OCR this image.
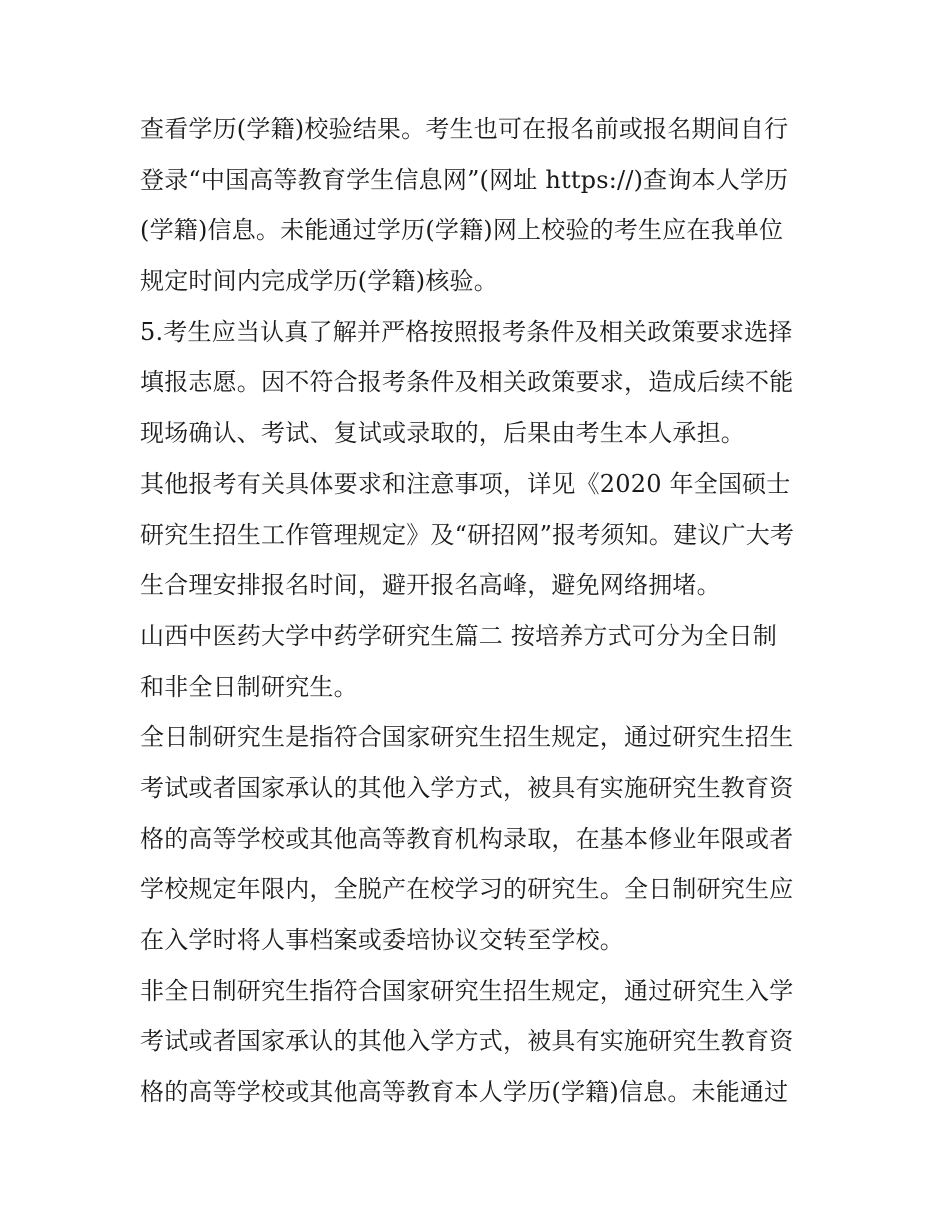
查看学历(学籍)校验结果。考生也可在报名前或报名期间自行
登录“中国高等教育学生信息网”(网址 https://)查询本人学历
(学籍)信息。未能通过学历(学籍)网上校验的考生应在我单位
规定时间内完成学历(学籍)核验。
5.考生应当认真了解并严格按照报考条件及相关政策要求选择
填报志愿。因不符合报考条件及相关政策要求，造成后续不能
现场确认、考试、复试或录取的，后果由考生本人承担。
其他报考有关具体要求和注意事项，详见《2020 年全国硕士
研究生招生工作管理规定》及“研招网”报考须知。建议广大考
生合理安排报名时间，避开报名高峰，避免网络拥堵。
山西中医药大学中药学研究生篇二 按培养方式可分为全日制
和非全日制研究生。
全日制研究生是指符合国家研究生招生规定，通过研究生招生
考试或者国家承认的其他入学方式，被具有实施研究生教育资
格的高等学校或其他高等教育机构录取，在基本修业年限或者
学校规定年限内，全脱产在校学习的研究生。全日制研究生应
在入学时将人事档案或委培协议交转至学校。
非全日制研究生指符合国家研究生招生规定，通过研究生入学
考试或者国家承认的其他入学方式，被具有实施研究生教育资
格的高等学校或其他高等教育本人学历(学籍)信息。未能通过
